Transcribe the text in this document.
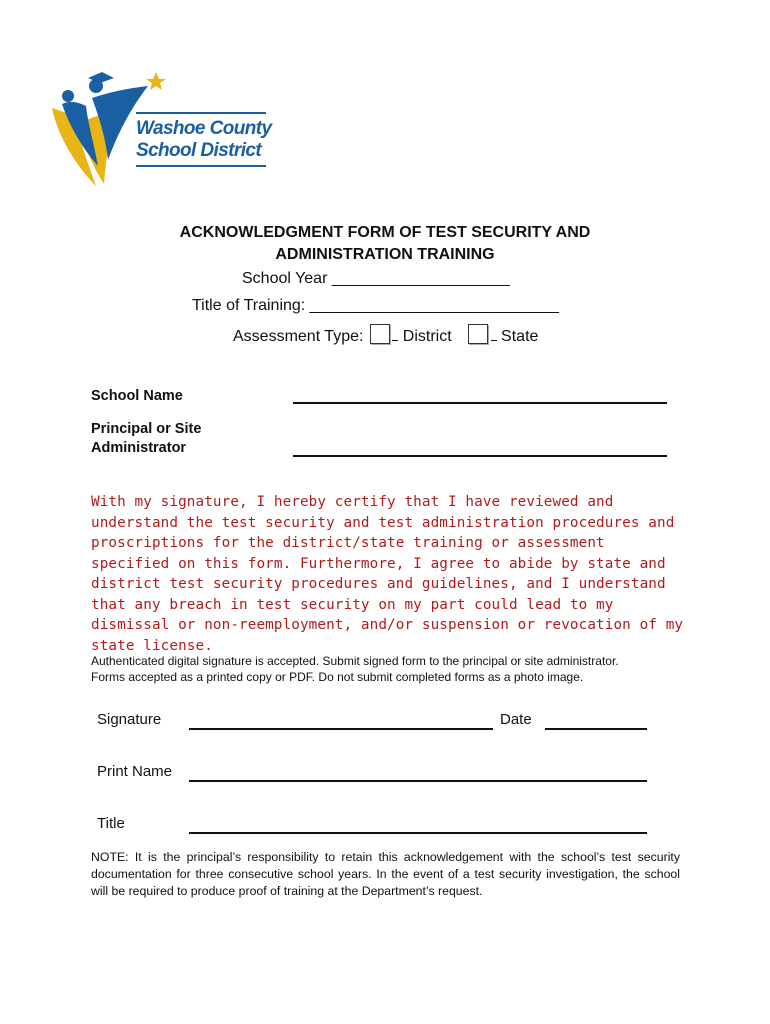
Washoe County
School District
ACKNOWLEDGMENT FORM OF TEST SECURITY AND
ADMINISTRATION TRAINING
School Year ____________________
Title of Training: ____________________________
Assessment Type: District	State
School Name
Principal or Site
Administrator
With my signature, I hereby certify that I have reviewed and understand the test security and test administration procedures and proscriptions for the district/state training or assessment specified on this form. Furthermore, I agree to abide by state and district test security procedures and guidelines, and I understand that any breach in test security on my part could lead to my dismissal or non-reemployment, and/or suspension or revocation of my state license.
Authenticated digital signature is accepted. Submit signed form to the principal or site administrator.
Forms accepted as a printed copy or PDF. Do not submit completed forms as a photo image.
Signature	Date
Print Name
Title
NOTE: It is the principal’s responsibility to retain this acknowledgement with the school’s test security documentation for three consecutive school years. In the event of a test security investigation, the school will be required to produce proof of training at the Department’s request.
